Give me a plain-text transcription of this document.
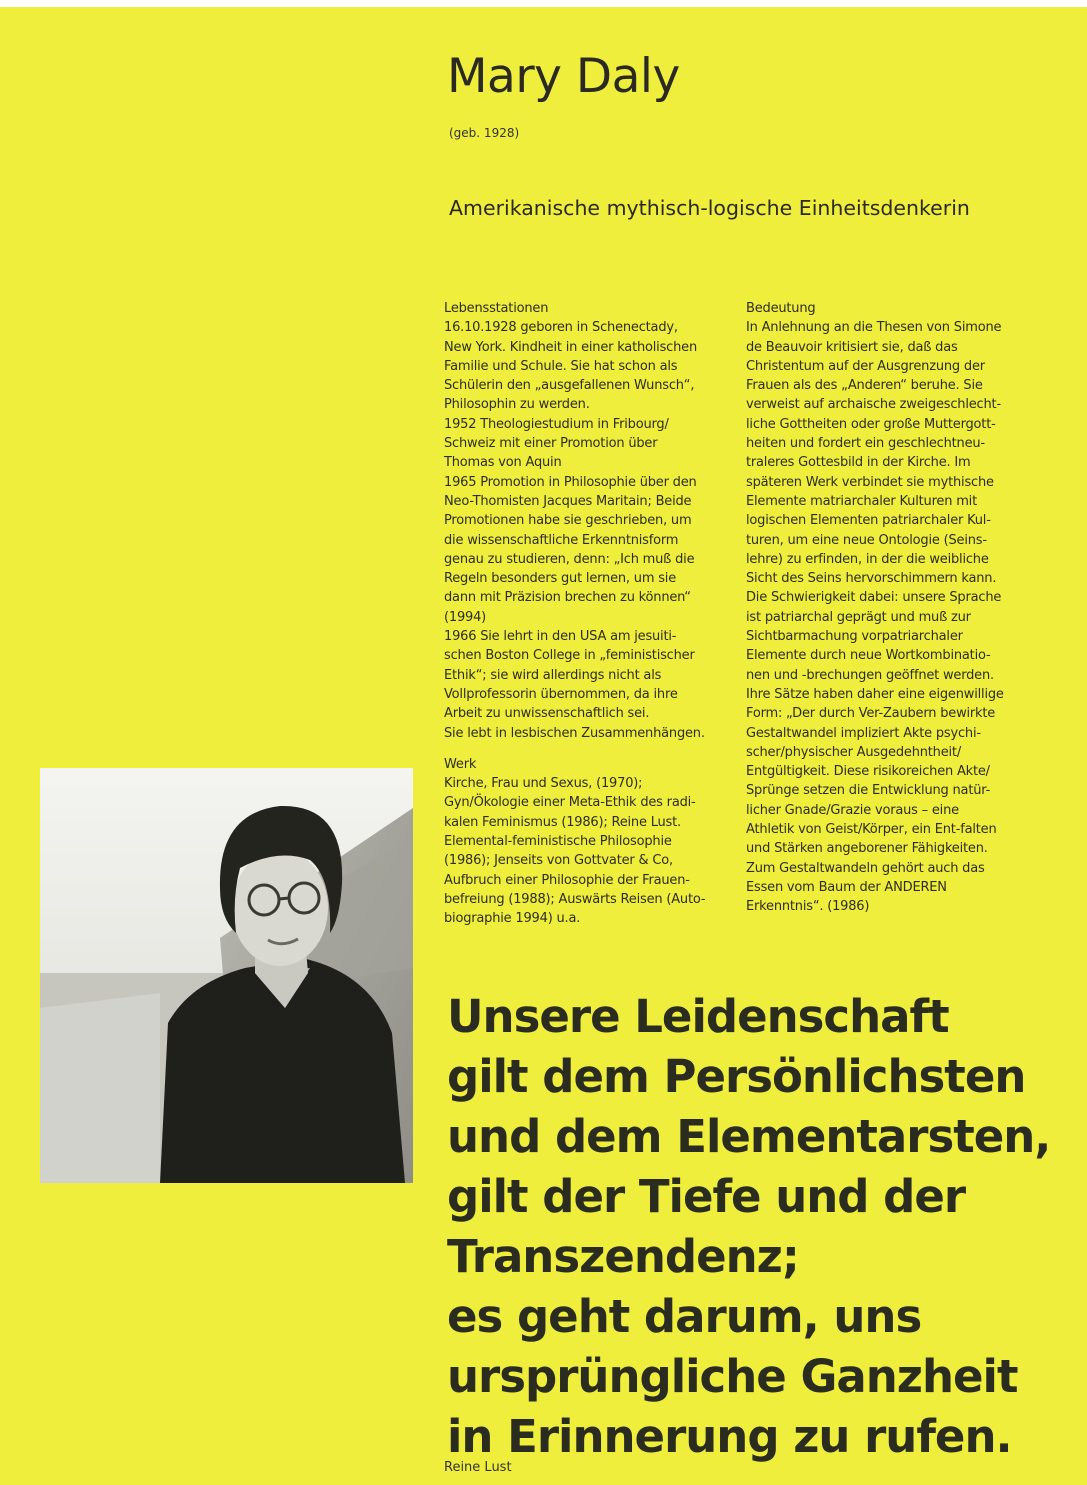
Mary Daly

(geb. 1928)

Amerikanische mythisch-logische Einheitsdenkerin

Lebensstationen

16.10.1928 geboren in Schenectady,
New York. Kindheit in einer katholischen
Familie und Schule. Sie hat schon als
Schülerin den „ausgefallenen Wunsch“,
Philosophin zu werden.
1952 Theologiestudium in Fribourg/
Schweiz mit einer Promotion über
Thomas von Aquin
1965 Promotion in Philosophie über den
Neo-Thomisten Jacques Maritain; Beide
Promotionen habe sie geschrieben, um
die wissenschaftliche Erkenntnisform
genau zu studieren, denn: „Ich muß die
Regeln besonders gut lernen, um sie
dann mit Präzision brechen zu können“
(1994)
1966 Sie lehrt in den USA am jesuiti-
schen Boston College in „feministischer
Ethik“; sie wird allerdings nicht als
Vollprofessorin übernommen, da ihre
Arbeit zu unwissenschaftlich sei.
Sie lebt in lesbischen Zusammenhängen.

Werk

Kirche, Frau und Sexus, (1970);
Gyn/Ökologie einer Meta-Ethik des radi-
kalen Feminismus (1986); Reine Lust.
Elemental-feministische Philosophie
(1986); Jenseits von Gottvater & Co,
Aufbruch einer Philosophie der Frauen-
befreiung (1988); Auswärts Reisen (Auto-
biographie 1994) u.a.

Bedeutung

In Anlehnung an die Thesen von Simone
de Beauvoir kritisiert sie, daß das
Christentum auf der Ausgrenzung der
Frauen als des „Anderen“ beruhe. Sie
verweist auf archaische zweigeschlecht-
liche Gottheiten oder große Muttergott-
heiten und fordert ein geschlechtneu-
traleres Gottesbild in der Kirche. Im
späteren Werk verbindet sie mythische
Elemente matriarchaler Kulturen mit
logischen Elementen patriarchaler Kul-
turen, um eine neue Ontologie (Seins-
lehre) zu erfinden, in der die weibliche
Sicht des Seins hervorschimmern kann.
Die Schwierigkeit dabei: unsere Sprache
ist patriarchal geprägt und muß zur
Sichtbarmachung vorpatriarchaler
Elemente durch neue Wortkombinatio-
nen und -brechungen geöffnet werden.
Ihre Sätze haben daher eine eigenwillige
Form: „Der durch Ver-Zaubern bewirkte
Gestaltwandel impliziert Akte psychi-
scher/physischer Ausgedehntheit/
Entgültigkeit. Diese risikoreichen Akte/
Sprünge setzen die Entwicklung natür-
licher Gnade/Grazie voraus – eine
Athletik von Geist/Körper, ein Ent-falten
und Stärken angeborener Fähigkeiten.
Zum Gestaltwandeln gehört auch das
Essen vom Baum der ANDEREN
Erkenntnis“. (1986)

Unsere Leidenschaft
gilt dem Persönlichsten
und dem Elementarsten,
gilt der Tiefe und der
Transzendenz;
es geht darum, uns
ursprüngliche Ganzheit
in Erinnerung zu rufen.

Reine Lust
